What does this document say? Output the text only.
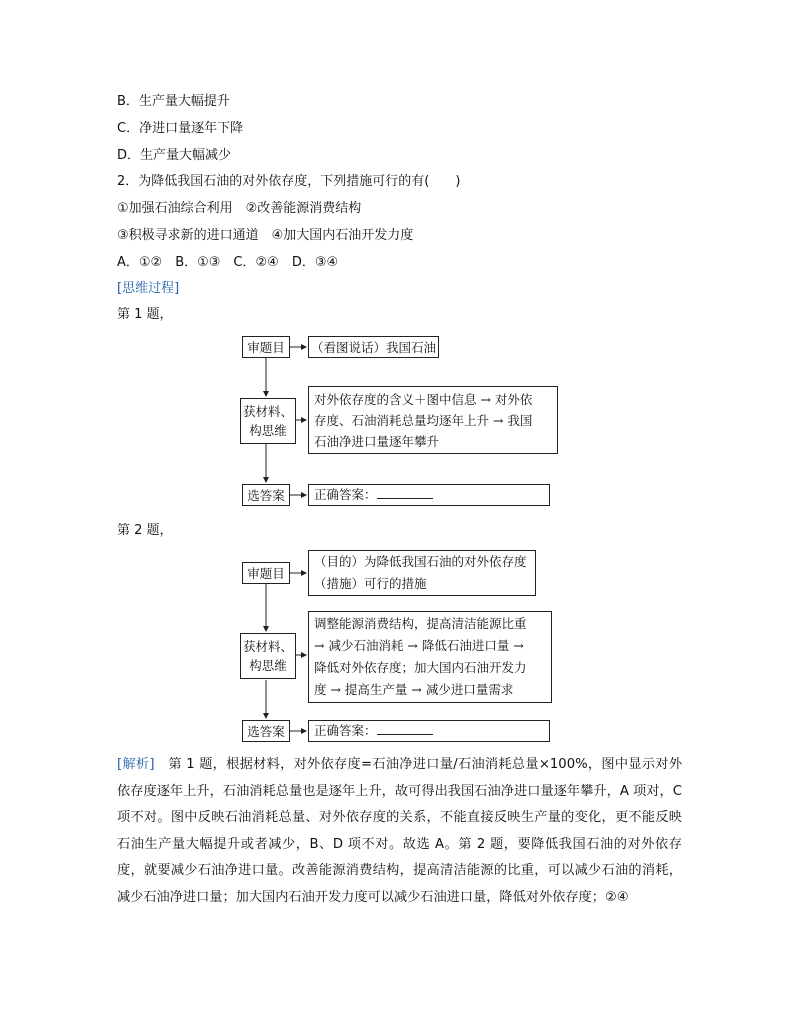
B．生产量大幅提升
C．净进口量逐年下降
D．生产量大幅减少
2．为降低我国石油的对外依存度，下列措施可行的有(　　)
①加强石油综合利用　②改善能源消费结构
③积极寻求新的进口通道　④加大国内石油开发力度
A．①②　B．①③　C．②④　D．③④
[思维过程]
第 1 题，
审题目	（看图说话）我国石油
获材料、
构思维
对外依存度的含义＋图中信息 → 对外依
存度、石油消耗总量均逐年上升 → 我国
石油净进口量逐年攀升
选答案	正确答案：
第 2 题，
审题目
（目的）为降低我国石油的对外依存度
（措施）可行的措施
获材料、
构思维
调整能源消费结构，提高清洁能源比重
→ 减少石油消耗 → 降低石油进口量 →
降低对外依存度；加大国内石油开发力
度 → 提高生产量 → 减少进口量需求
选答案	正确答案：
[解析]　第 1 题，根据材料，对外依存度=石油净进口量/石油消耗总量×100%，图中显示对外依存度逐年上升，石油消耗总量也是逐年上升，故可得出我国石油净进口量逐年攀升，A 项对，C 项不对。图中反映石油消耗总量、对外依存度的关系，不能直接反映生产量的变化，更不能反映石油生产量大幅提升或者减少，B、D 项不对。故选 A。第 2 题，要降低我国石油的对外依存度，就要减少石油净进口量。改善能源消费结构，提高清洁能源的比重，可以减少石油的消耗，减少石油净进口量；加大国内石油开发力度可以减少石油进口量，降低对外依存度；②④
